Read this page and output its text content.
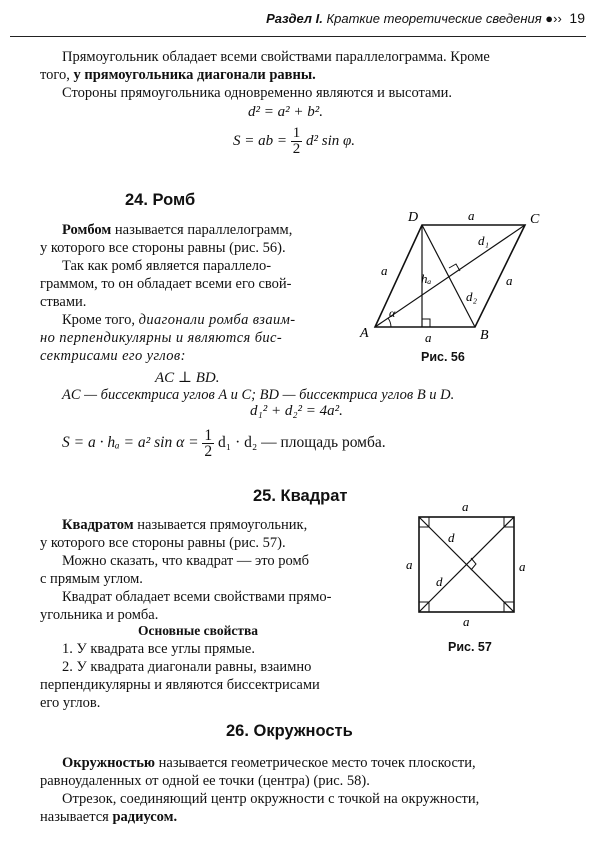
Раздел I. Краткие теоретические сведения ●›› 19
Прямоугольник обладает всеми свойствами параллелограмма. Кроме
того, у прямоугольника диагонали равны.
Стороны прямоугольника одновременно являются и высотами.
d² = a² + b².
S = ab = $\frac{1}{2} d^2$ sin φ.
24. Ромб
Ромбом называется параллелограмм,
у которого все стороны равны (рис. 56).
Так как ромб является параллело-
граммом, то он обладает всеми его свой-
ствами.
Кроме того, диагонали ромба взаим-
но перпендикулярны и являются бис-
сектрисами его углов:
AC ⊥ BD.
AC — биссектриса углов A и C; BD — биссектриса углов B и D.
d₁² + d₂² = 4a².
S = a · hₐ = a² $\sin \alpha = \frac{1}{2} d_1 \cdot d_2$ — площадь ромба.
A	B
C
D	a
a
a
a
d₁
d₂
hₐ
α
Рис. 56
25. Квадрат
Квадратом называется прямоугольник,
у которого все стороны равны (рис. 57).
Можно сказать, что квадрат — это ромб
с прямым углом.
Квадрат обладает всеми свойствами прямо-
угольника и ромба.
Основные свойства
1. У квадрата все углы прямые.
2. У квадрата диагонали равны, взаимно
перпендикулярны и являются биссектрисами
его углов.
a
a	a
a
d
d
Рис. 57
26. Окружность
Окружностью называется геометрическое место точек плоскости,
равноудаленных от одной ее точки (центра) (рис. 58).
Отрезок, соединяющий центр окружности с точкой на окружности,
называется радиусом.
